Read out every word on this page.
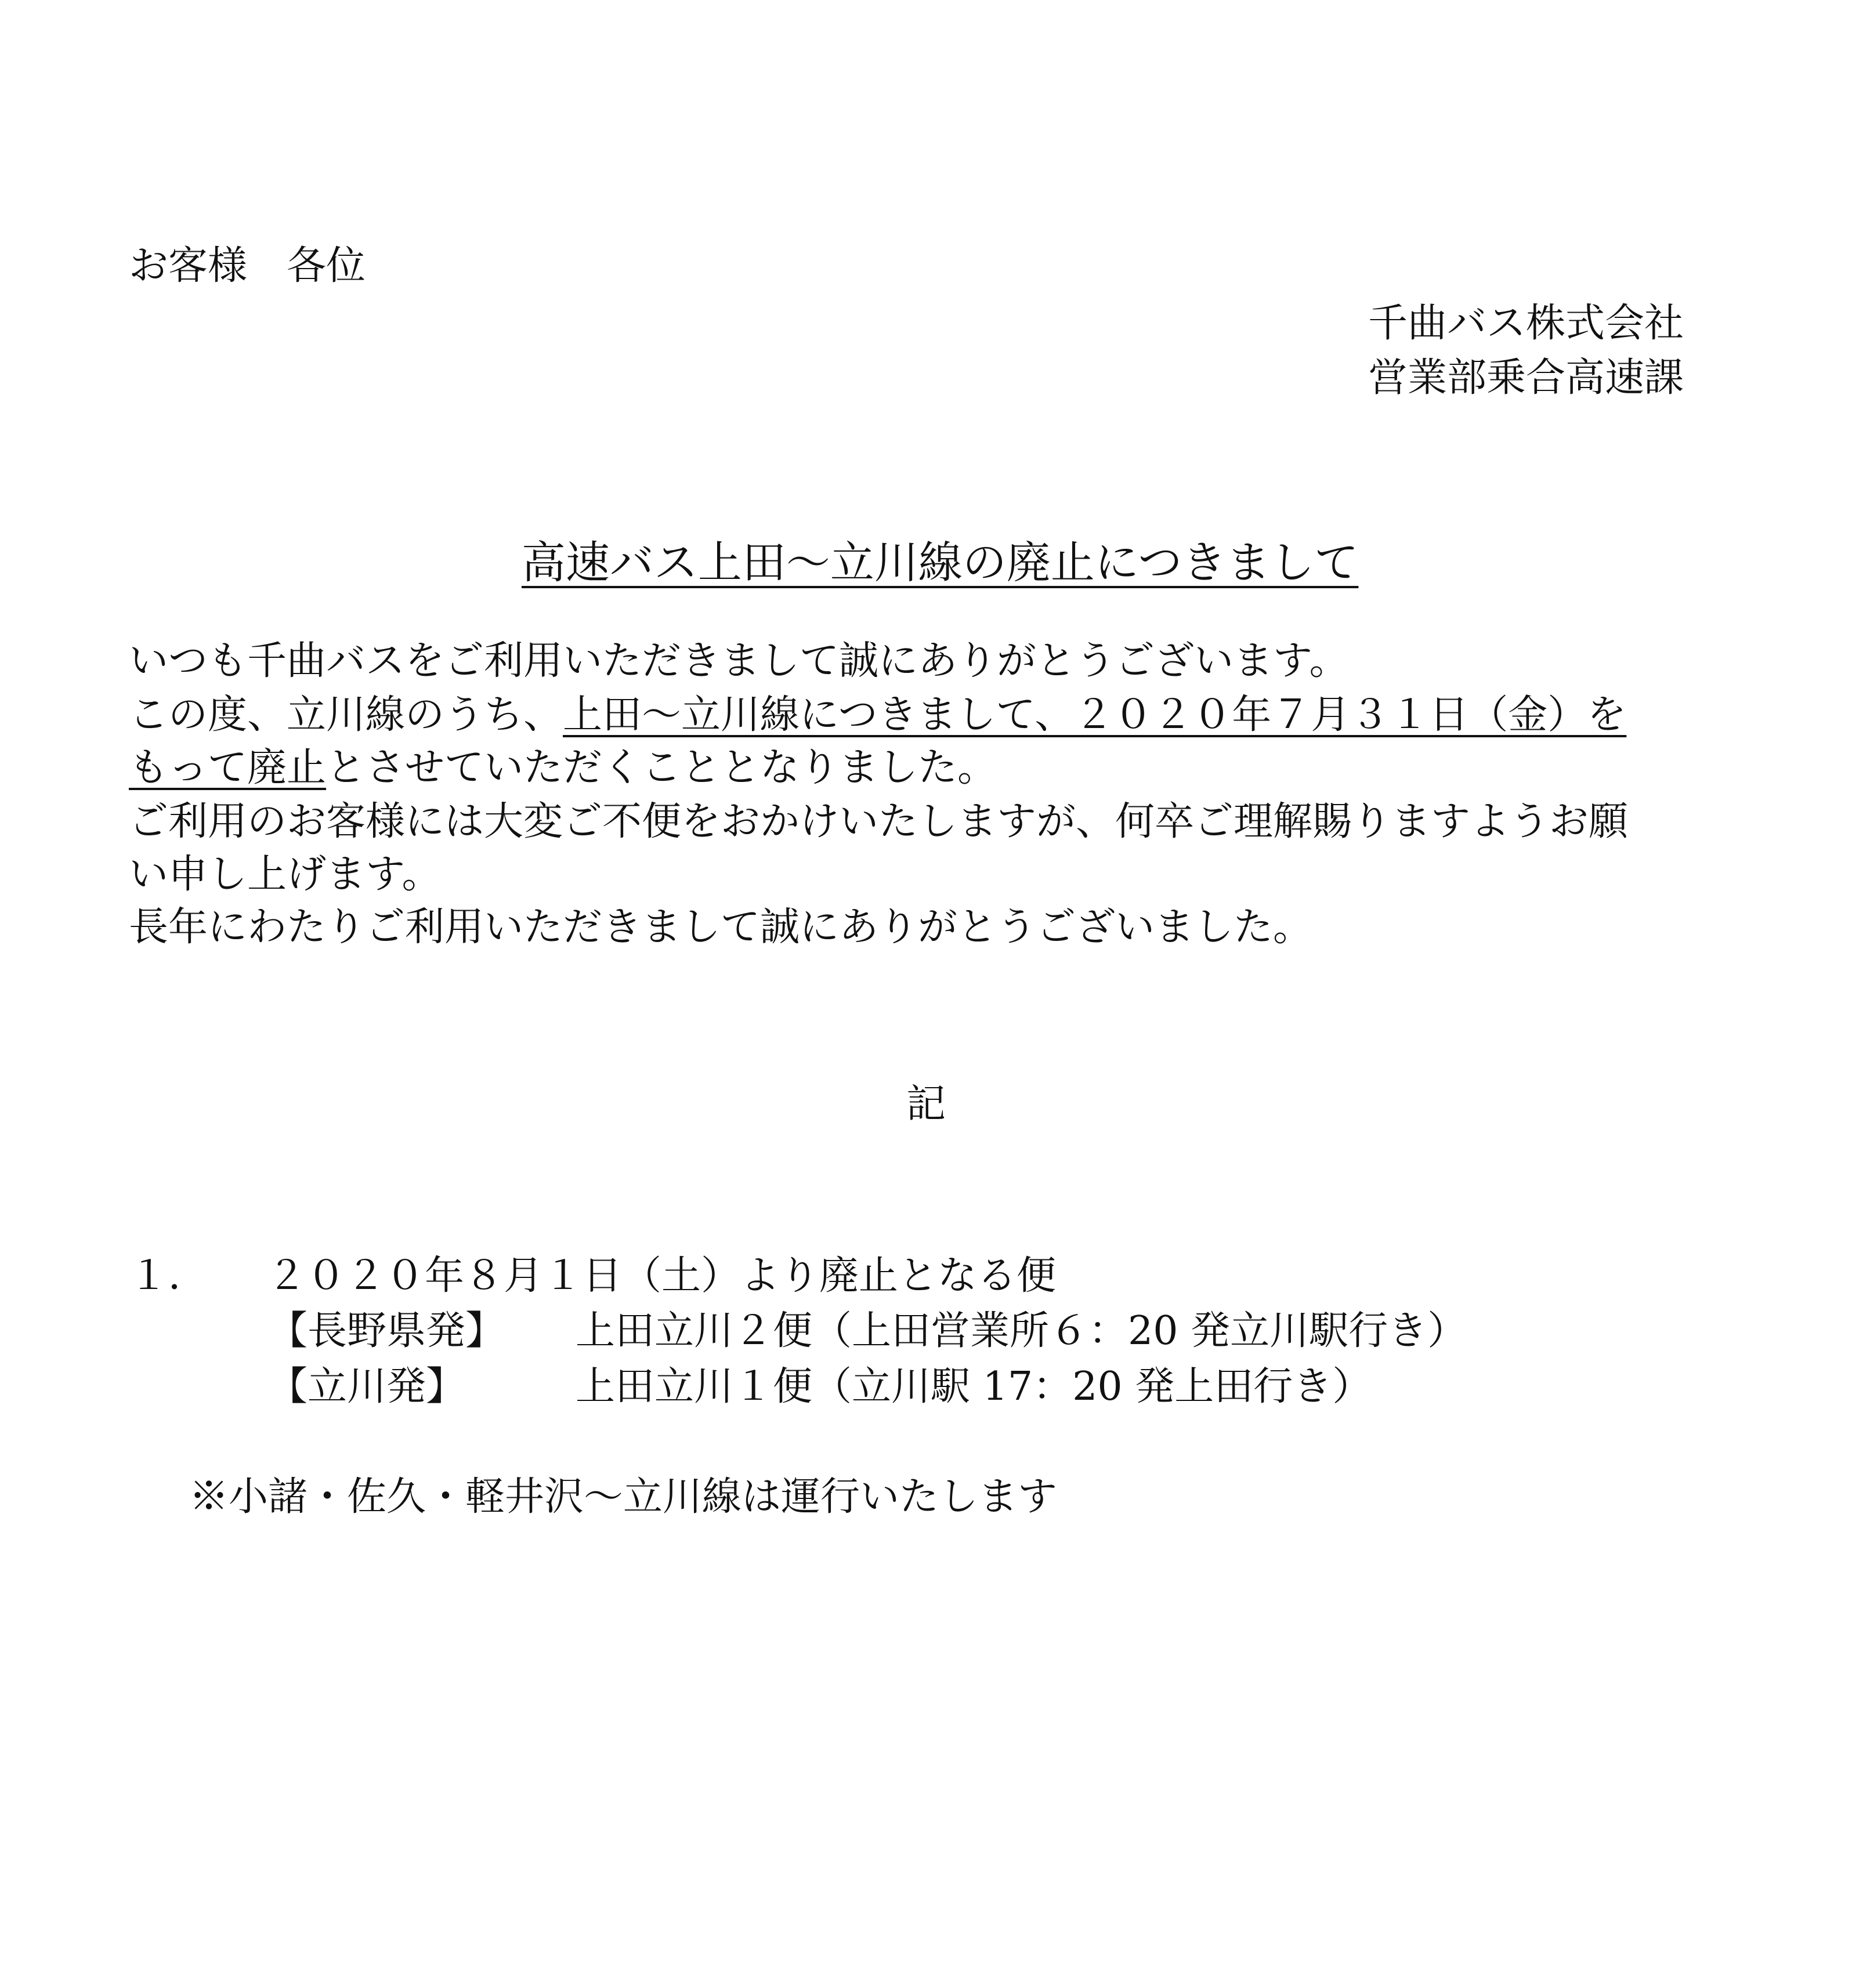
お客様　各位
千曲バス株式会社
営業部乗合高速課

高速バス上田～立川線の廃止につきまして

いつも千曲バスをご利用いただきまして誠にありがとうございます。
この度、立川線のうち、上田～立川線につきまして、２０２０年７月３１日（金）を
もって廃止とさせていただくこととなりました。
ご利用のお客様には大変ご不便をおかけいたしますが、何卒ご理解賜りますようお願
い申し上げます。
長年にわたりご利用いただきまして誠にありがとうございました。
記
１． ２０２０年８月１日（土）より廃止となる便
【長野県発】 上田立川２便（上田営業所６：20 発立川駅行き）
【立川発】	上田立川１便（立川駅 17：20 発上田行き）
※小諸・佐久・軽井沢～立川線は運行いたします
